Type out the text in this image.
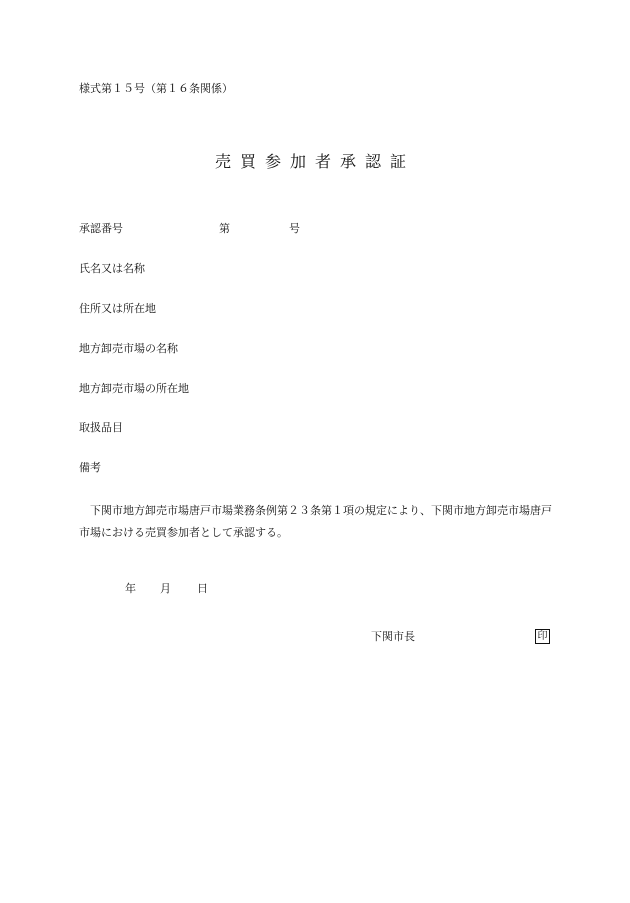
様式第１５号（第１６条関係）
売買参加者承認証
承認番号	第	号
氏名又は名称
住所又は所在地
地方卸売市場の名称
地方卸売市場の所在地
取扱品目
備考
下関市地方卸売市場唐戸市場業務条例第２３条第１項の規定により、下関市地方卸売市場唐戸市場における売買参加者として承認する。
年 月 日
下関市長	印
